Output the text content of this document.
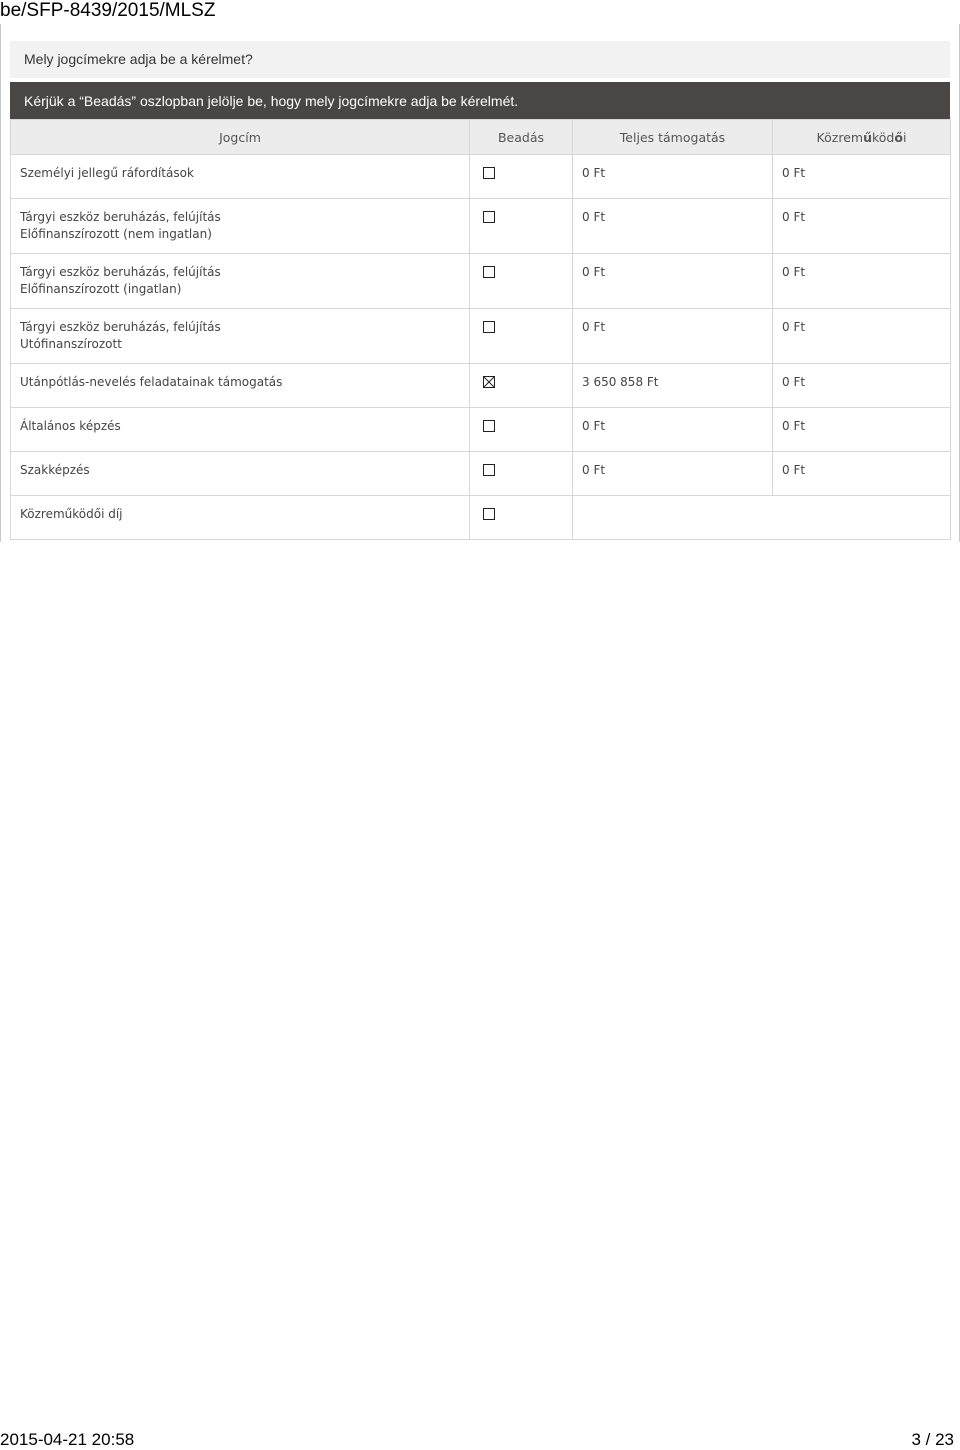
be/SFP-8439/2015/MLSZ
Mely jogcímekre adja be a kérelmet?
Kérjük a “Beadás” oszlopban jelölje be, hogy mely jogcímekre adja be kérelmét.
Jogcím	Beadás	Teljes támogatás	Közreműködői

Személyi jellegű ráfordítások		0 Ft	0 Ft

Tárgyi eszköz beruházás, felújítás
Előfinanszírozott (nem ingatlan)		0 Ft	0 Ft

Tárgyi eszköz beruházás, felújítás
Előfinanszírozott (ingatlan)		0 Ft	0 Ft

Tárgyi eszköz beruházás, felújítás
Utófinanszírozott		0 Ft	0 Ft

Utánpótlás-nevelés feladatainak támogatás		3 650 858 Ft	0 Ft

Általános képzés		0 Ft	0 Ft

Szakképzés		0 Ft	0 Ft

Közreműködői díj			

2015-04-21 20:58	3 / 23
